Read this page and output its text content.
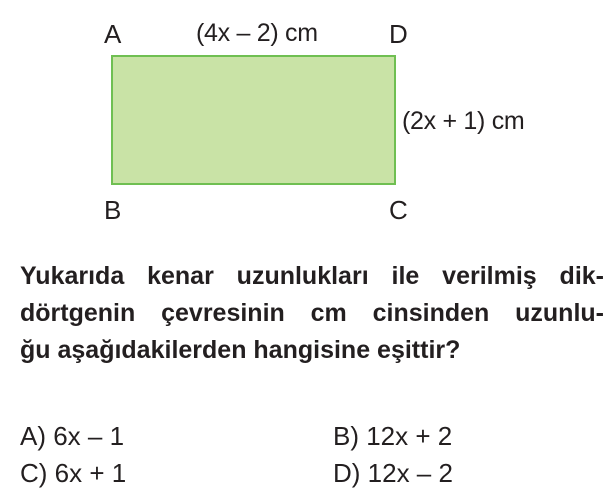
A	D
B	C
(4x – 2) cm
(2x + 1) cm

Yukarıda kenar uzunlukları ile verilmiş dik-
dörtgenin çevresinin cm cinsinden uzunlu-
ğu aşağıdakilerden hangisine eşittir?

A) 6x – 1	B) 12x + 2
C) 6x + 1	D) 12x – 2
